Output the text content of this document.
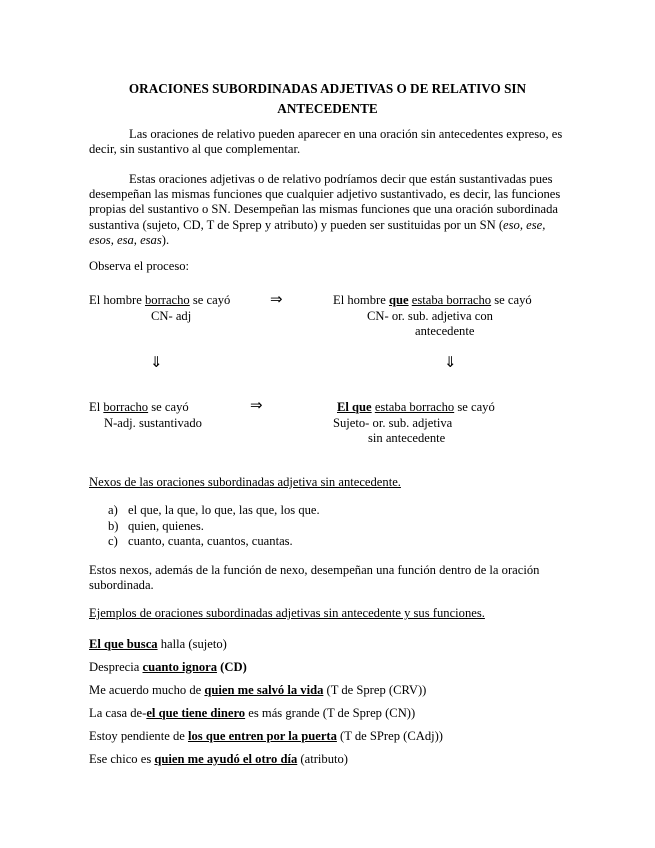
ORACIONES SUBORDINADAS ADJETIVAS O DE RELATIVO SIN
ANTECEDENTE
Las oraciones de relativo pueden aparecer en una oración sin antecedentes expreso, es decir, sin sustantivo al que complementar.
Estas oraciones adjetivas o de relativo podríamos decir que están sustantivadas pues desempeñan las mismas funciones que cualquier adjetivo sustantivado, es decir, las funciones propias del sustantivo o SN. Desempeñan las mismas funciones que una oración subordinada sustantiva (sujeto, CD, T de Sprep y atributo) y pueden ser sustituidas por un SN (eso, ese, esos, esa, esas).
Observa el proceso:
El hombre borracho se cayó
CN- adj
⇒	El hombre que estaba borracho se cayó
CN- or. sub. adjetiva con
antecedente
⇓	⇓
El borracho se cayó
N-adj. sustantivado
⇒	El que estaba borracho se cayó
Sujeto- or. sub. adjetiva
sin antecedente
Nexos de las oraciones subordinadas adjetiva sin antecedente.
a) el que, la que, lo que, las que, los que.
b) quien, quienes.
c) cuanto, cuanta, cuantos, cuantas.
Estos nexos, además de la función de nexo, desempeñan una función dentro de la oración subordinada.
Ejemplos de oraciones subordinadas adjetivas sin antecedente y sus funciones.
El que busca halla (sujeto)
Desprecia cuanto ignora (CD)
Me acuerdo mucho de quien me salvó la vida (T de Sprep (CRV))
La casa de-el que tiene dinero es más grande (T de Sprep (CN))
Estoy pendiente de los que entren por la puerta (T de SPrep (CAdj))
Ese chico es quien me ayudó el otro día (atributo)
